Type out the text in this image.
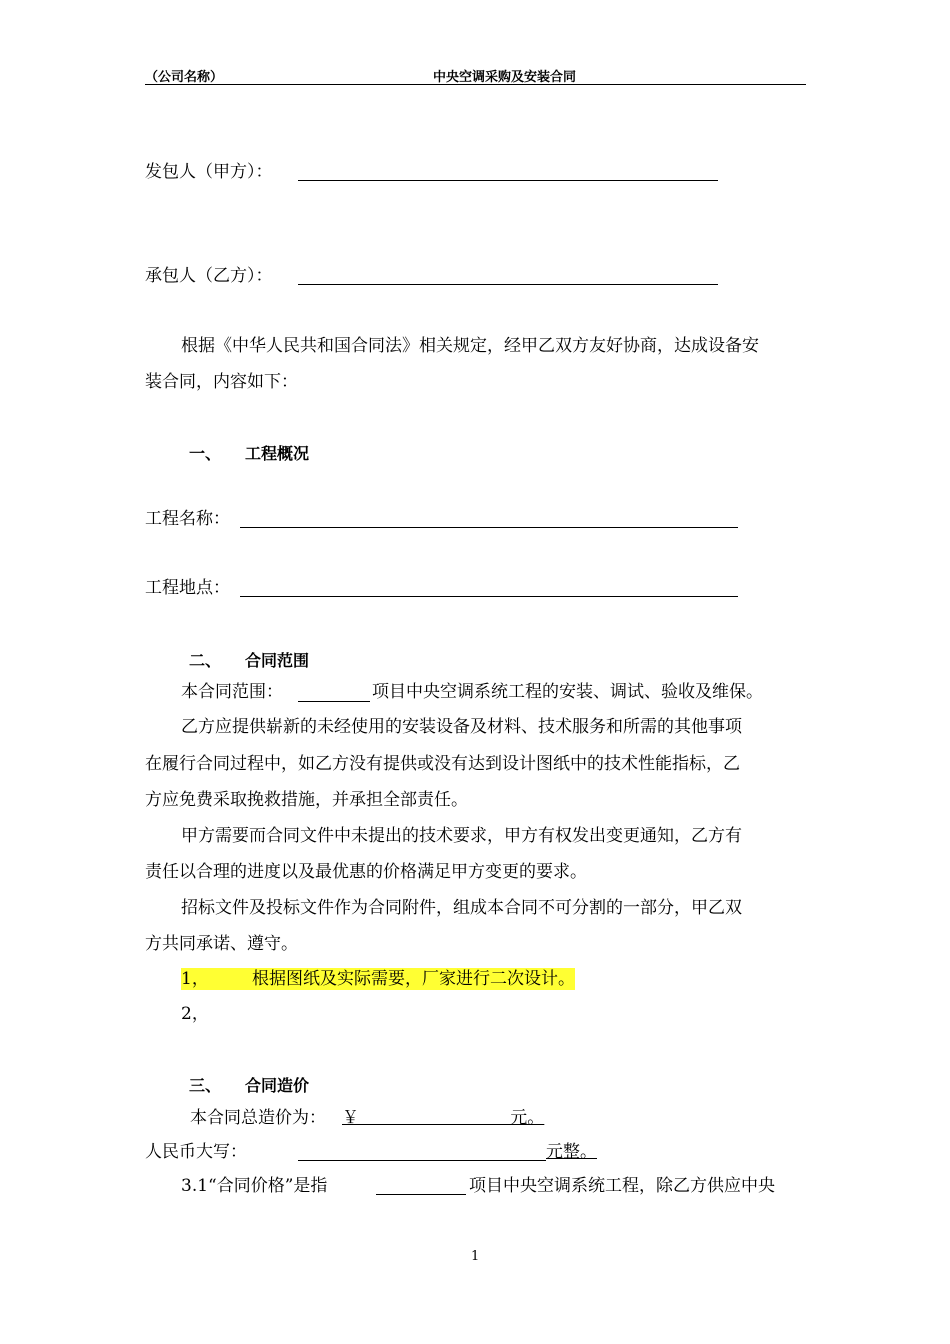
（公司名称）	中央空调采购及安装合同
发包人（甲方）：
承包人（乙方）：
根据《中华人民共和国合同法》相关规定，经甲乙双方友好协商，达成设备安
装合同，内容如下：
一、 工程概况
工程名称：
工程地点：
二、 合同范围
本合同范围：	项目中央空调系统工程的安装、调试、验收及维保。
乙方应提供崭新的未经使用的安装设备及材料、技术服务和所需的其他事项
在履行合同过程中，如乙方没有提供或没有达到设计图纸中的技术性能指标，乙
方应免费采取挽救措施，并承担全部责任。
甲方需要而合同文件中未提出的技术要求，甲方有权发出变更通知，乙方有
责任以合理的进度以及最优惠的价格满足甲方变更的要求。
招标文件及投标文件作为合同附件，组成本合同不可分割的一部分，甲乙双
方共同承诺、遵守。
1，        根据图纸及实际需要，厂家进行二次设计。
2，
三、 合同造价
本合同总造价为： ￥                            元。
人民币大写：	元整。
3.1“合同价格”是指	项目中央空调系统工程，除乙方供应中央
1
